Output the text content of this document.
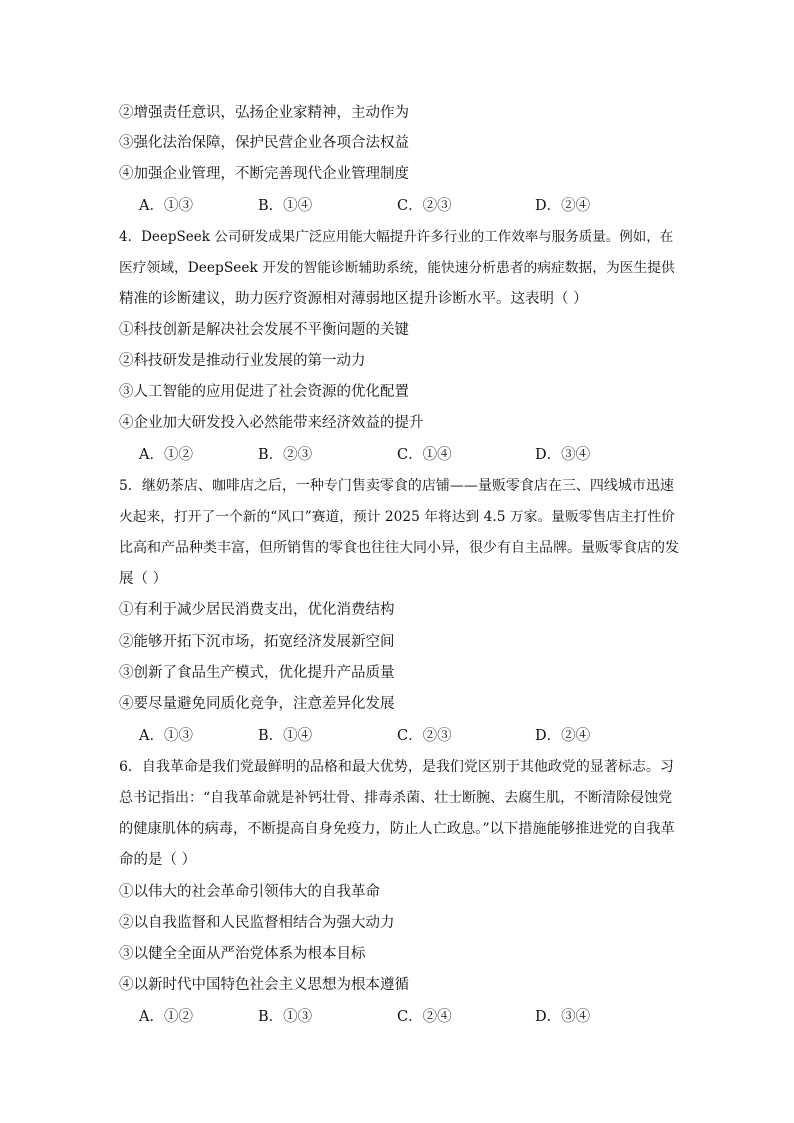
②增强责任意识，弘扬企业家精神，主动作为
③强化法治保障，保护民营企业各项合法权益
④加强企业管理，不断完善现代企业管理制度
A．①③	B．①④	C．②③	D．②④
4．DeepSeek 公司研发成果广泛应用能大幅提升许多行业的工作效率与服务质量。例如，在
医疗领域，DeepSeek 开发的智能诊断辅助系统，能快速分析患者的病症数据，为医生提供
精准的诊断建议，助力医疗资源相对薄弱地区提升诊断水平。这表明（ ）
①科技创新是解决社会发展不平衡问题的关键
②科技研发是推动行业发展的第一动力
③人工智能的应用促进了社会资源的优化配置
④企业加大研发投入必然能带来经济效益的提升
A．①②	B．②③	C．①④	D．③④
5．继奶茶店、咖啡店之后，一种专门售卖零食的店铺——量贩零食店在三、四线城市迅速
火起来，打开了一个新的“风口”赛道，预计 2025 年将达到 4.5 万家。量贩零售店主打性价
比高和产品种类丰富，但所销售的零食也往往大同小异，很少有自主品牌。量贩零食店的发
展（ ）
①有利于减少居民消费支出，优化消费结构
②能够开拓下沉市场，拓宽经济发展新空间
③创新了食品生产模式，优化提升产品质量
④要尽量避免同质化竞争，注意差异化发展
A．①③	B．①④	C．②③	D．②④
6．自我革命是我们党最鲜明的品格和最大优势，是我们党区别于其他政党的显著标志。习
总书记指出：“自我革命就是补钙壮骨、排毒杀菌、壮士断腕、去腐生肌，不断清除侵蚀党
的健康肌体的病毒，不断提高自身免疫力，防止人亡政息。”以下措施能够推进党的自我革
命的是（ ）
①以伟大的社会革命引领伟大的自我革命
②以自我监督和人民监督相结合为强大动力
③以健全全面从严治党体系为根本目标
④以新时代中国特色社会主义思想为根本遵循
A．①②	B．①③	C．②④	D．③④
